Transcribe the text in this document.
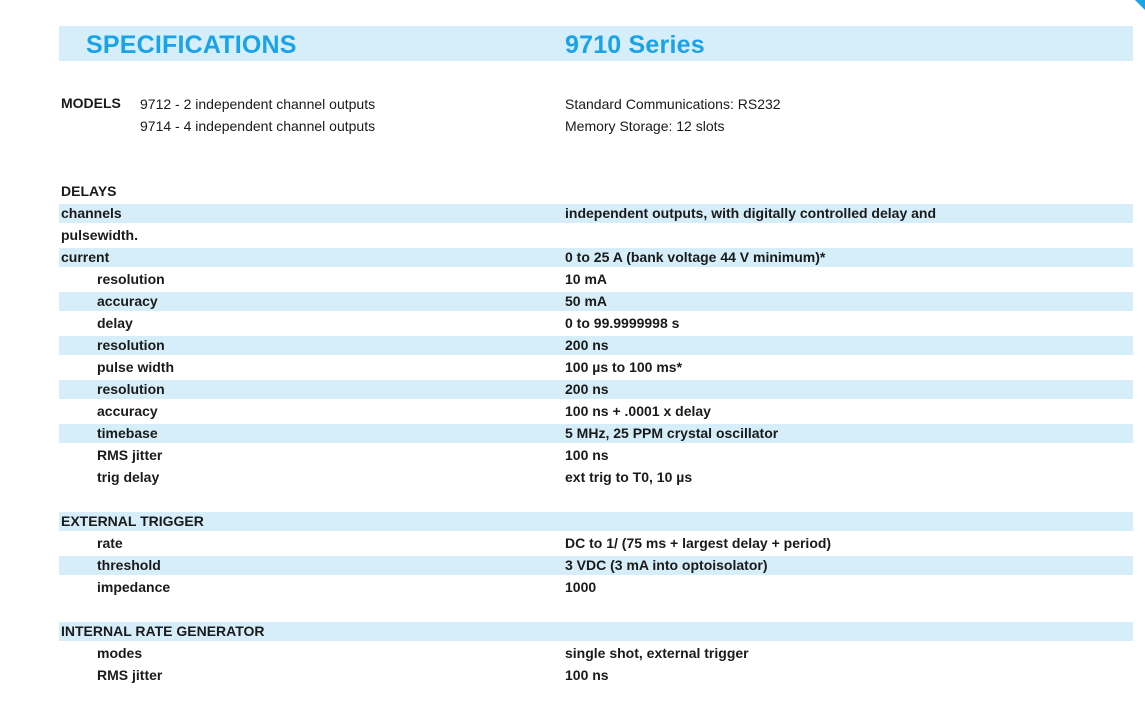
SPECIFICATIONS	9710 Series
MODELS 9712 - 2 independent channel outputs
9714 - 4 independent channel outputs
Standard Communications: RS232
Memory Storage: 12 slots
DELAYS
channels	independent outputs, with digitally controlled delay and
pulsewidth.
current	0 to 25 A (bank voltage 44 V minimum)*
resolution	10 mA
accuracy	50 mA
delay	0 to 99.9999998 s
resolution	200 ns
pulse width	100 µs to 100 ms*
resolution	200 ns
accuracy	100 ns + .0001 x delay
timebase	5 MHz, 25 PPM crystal oscillator
RMS jitter	100 ns
trig delay	ext trig to T0, 10 µs
EXTERNAL TRIGGER
rate	DC to 1/ (75 ms + largest delay + period)
threshold	3 VDC (3 mA into optoisolator)
impedance	1000
INTERNAL RATE GENERATOR
modes	single shot, external trigger
RMS jitter	100 ns
